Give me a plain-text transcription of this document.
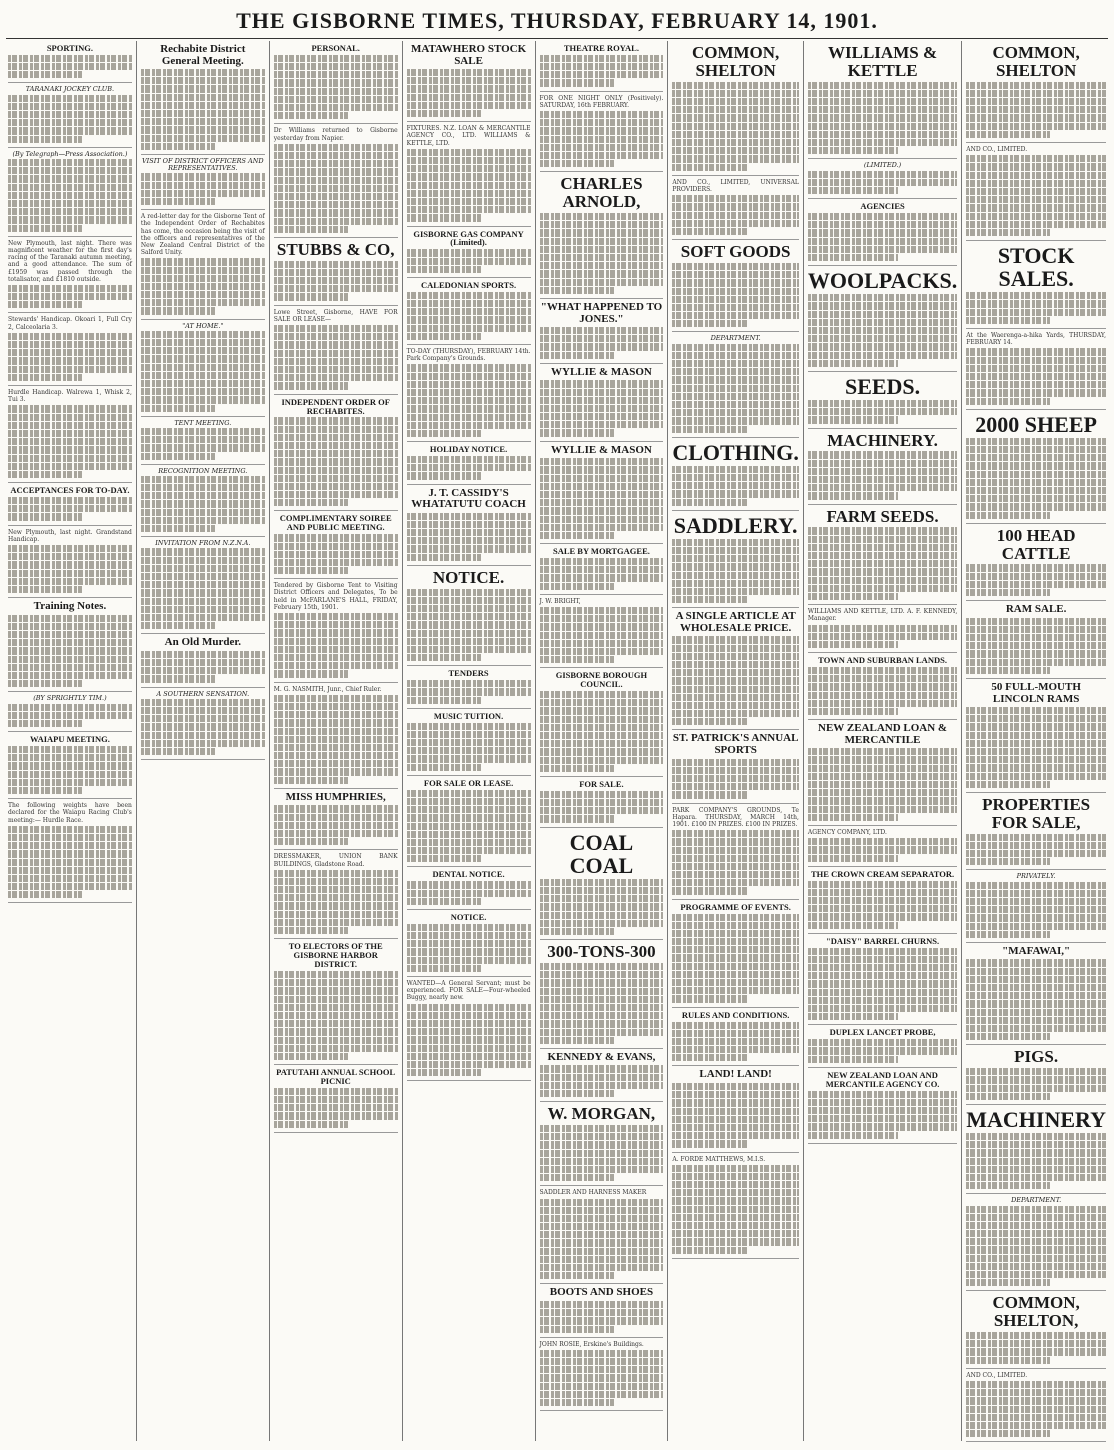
THE GISBORNE TIMES, THURSDAY, FEBRUARY 14, 1901.
SPORTING.
TARANAKI JOCKEY CLUB.
(By Telegraph—Press Association.)

New Plymouth, last night. There was magnificent weather for the first day's racing of the Taranaki autumn meeting, and a good attendance. The sum of £1959 was passed through the totalisator, and £1810 outside.

Stewards' Handicap. Okoari 1, Full Cry 2, Calceolaria 3.

Hurdle Handicap. Walrewa 1, Whisk 2, Tui 3.

ACCEPTANCES FOR TO-DAY.

New Plymouth, last night. Grandstand Handicap.

Training Notes.
(BY SPRIGHTLY TIM.)
WAIAPU MEETING.

The following weights have been declared for the Waiapu Racing Club's meeting:— Hurdle Race.

Rechabite District General Meeting.
VISIT OF DISTRICT OFFICERS AND REPRESENTATIVES.

A red-letter day for the Gisborne Tent of the Independent Order of Rechabites has come, the occasion being the visit of the officers and representatives of the New Zealand Central District of the Salford Unity.

"AT HOME."
TENT MEETING.
RECOGNITION MEETING.
INVITATION FROM N.Z.N.A.
An Old Murder.
A SOUTHERN SENSATION.
PERSONAL.

Dr Williams returned to Gisborne yesterday from Napier.

STUBBS & CO,

Lowe Street, Gisborne, HAVE FOR SALE OR LEASE—

INDEPENDENT ORDER OF RECHABITES.
COMPLIMENTARY SOIREE AND PUBLIC MEETING.

Tendered by Gisborne Tent to Visiting District Officers and Delegates, To be held in McFARLANE'S HALL, FRIDAY, February 15th, 1901.

M. G. NASMITH, Junr., Chief Ruler.

MISS HUMPHRIES,

DRESSMAKER, UNION BANK BUILDINGS, Gladstone Road.

TO ELECTORS OF THE GISBORNE HARBOR DISTRICT.
PATUTAHI ANNUAL SCHOOL PICNIC
MATAWHERO STOCK SALE

FIXTURES. N.Z. LOAN & MERCANTILE AGENCY CO., LTD. WILLIAMS & KETTLE, LTD.

GISBORNE GAS COMPANY (Limited).
CALEDONIAN SPORTS.

TO-DAY (THURSDAY), FEBRUARY 14th. Park Company's Grounds.

HOLIDAY NOTICE.
J. T. CASSIDY'S WHATATUTU COACH
NOTICE.
TENDERS
MUSIC TUITION.
FOR SALE OR LEASE.
DENTAL NOTICE.
NOTICE.

WANTED—A General Servant; must be experienced. FOR SALE—Four-wheeled Buggy, nearly new.

THEATRE ROYAL.

FOR ONE NIGHT ONLY (Positively). SATURDAY, 16th FEBRUARY.

CHARLES ARNOLD,
"WHAT HAPPENED TO JONES."
WYLLIE & MASON
WYLLIE & MASON
SALE BY MORTGAGEE.

J. W. BRIGHT,

GISBORNE BOROUGH COUNCIL.
FOR SALE.
COAL COAL
300-TONS-300
KENNEDY & EVANS,
W. MORGAN,

SADDLER AND HARNESS MAKER

BOOTS AND SHOES

JOHN ROSIE, Erskine's Buildings.

COMMON, SHELTON

AND CO., LIMITED, UNIVERSAL PROVIDERS.

SOFT GOODS
DEPARTMENT.
CLOTHING.
SADDLERY.
A SINGLE ARTICLE AT WHOLESALE PRICE.
ST. PATRICK'S ANNUAL SPORTS

PARK COMPANY'S GROUNDS, Te Hapara. THURSDAY, MARCH 14th, 1901. £100 IN PRIZES. £100 IN PRIZES.

PROGRAMME OF EVENTS.
RULES AND CONDITIONS.
LAND! LAND!

A. FORDE MATTHEWS, M.I.S.

WILLIAMS & KETTLE
(LIMITED.)
AGENCIES
WOOLPACKS.
SEEDS.
MACHINERY.
FARM SEEDS.

WILLIAMS AND KETTLE, LTD. A. F. KENNEDY, Manager.

TOWN AND SUBURBAN LANDS.
NEW ZEALAND LOAN & MERCANTILE

AGENCY COMPANY, LTD.

THE CROWN CREAM SEPARATOR.
"DAISY" BARREL CHURNS.
DUPLEX LANCET PROBE,
NEW ZEALAND LOAN AND MERCANTILE AGENCY CO.
COMMON, SHELTON

AND CO., LIMITED.

STOCK SALES.

At the Waerenga-a-hika Yards, THURSDAY, FEBRUARY 14.

2000 SHEEP
100 HEAD CATTLE
RAM SALE.
50 FULL-MOUTH LINCOLN RAMS
PROPERTIES FOR SALE,
PRIVATELY.
"MAFAWAI,"
PIGS.
MACHINERY
DEPARTMENT.
COMMON, SHELTON,

AND CO., LIMITED.
